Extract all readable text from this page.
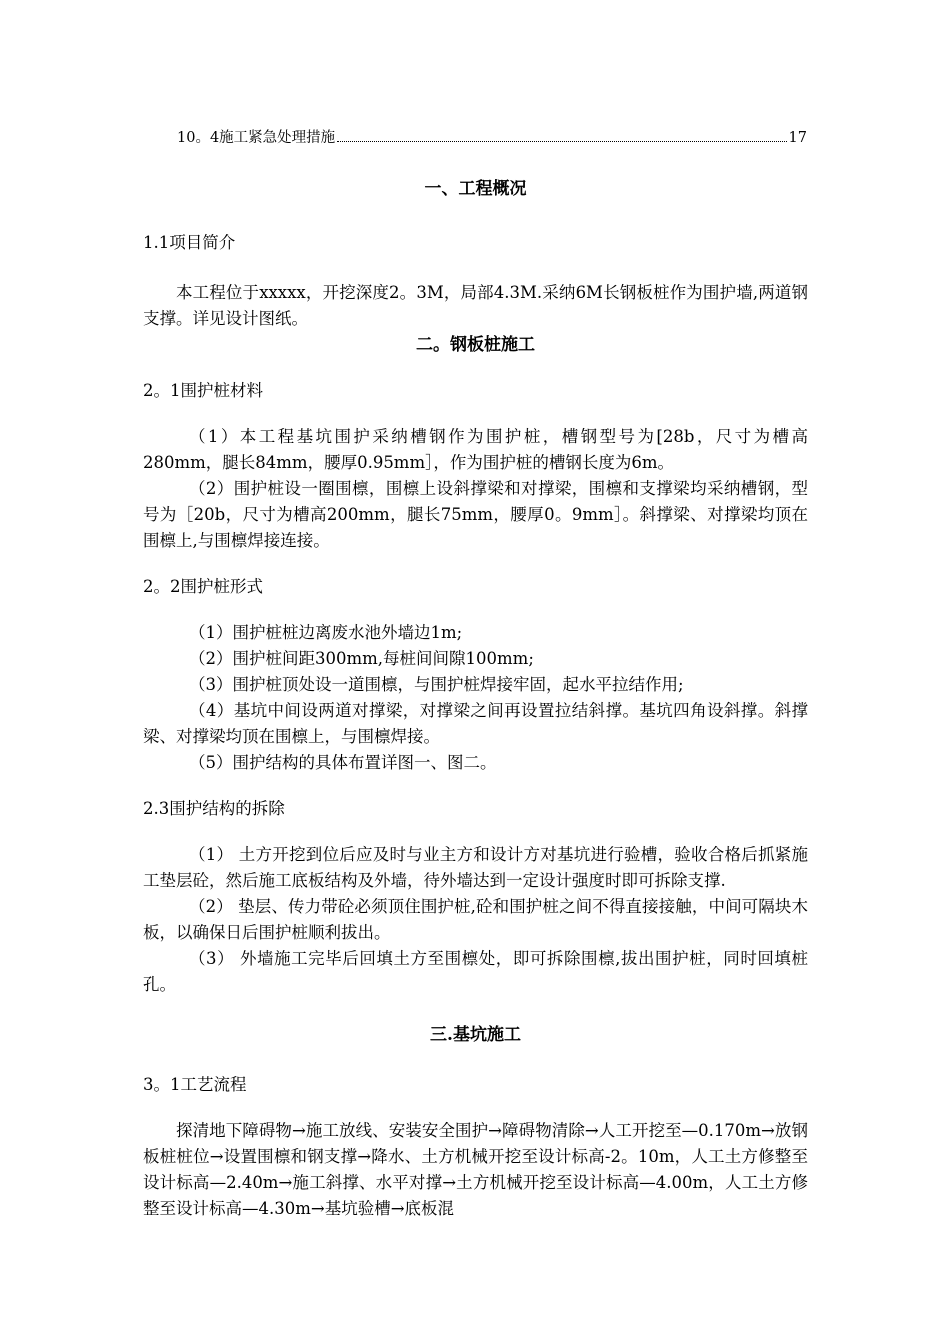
10。4施工紧急处理措施	17
一、工程概况
1.1项目简介

本工程位于xxxxx，开挖深度2。3M，局部4.3M.采纳6M长钢板桩作为围护墙,两道钢支撑。详见设计图纸。

二。钢板桩施工
2。1围护桩材料

（1）本工程基坑围护采纳槽钢作为围护桩，槽钢型号为[28b，尺寸为槽高280mm，腿长84mm，腰厚0.95mm］，作为围护桩的槽钢长度为6m。

（2）围护桩设一圈围檩，围檩上设斜撑梁和对撑梁，围檩和支撑梁均采纳槽钢，型号为［20b，尺寸为槽高200mm，腿长75mm，腰厚0。9mm］。斜撑梁、对撑梁均顶在围檩上,与围檩焊接连接。

2。2围护桩形式

（1）围护桩桩边离废水池外墙边1m;

（2）围护桩间距300mm,每桩间间隙100mm;

（3）围护桩顶处设一道围檩，与围护桩焊接牢固，起水平拉结作用;

（4）基坑中间设两道对撑梁，对撑梁之间再设置拉结斜撑。基坑四角设斜撑。斜撑梁、对撑梁均顶在围檩上，与围檩焊接。

（5）围护结构的具体布置详图一、图二。

2.3围护结构的拆除

（1） 土方开挖到位后应及时与业主方和设计方对基坑进行验槽，验收合格后抓紧施工垫层砼，然后施工底板结构及外墙，待外墙达到一定设计强度时即可拆除支撑.

（2） 垫层、传力带砼必须顶住围护桩,砼和围护桩之间不得直接接触，中间可隔块木板，以确保日后围护桩顺利拔出。

（3） 外墙施工完毕后回填土方至围檩处，即可拆除围檩,拔出围护桩，同时回填桩孔。

三.基坑施工
3。1工艺流程

探清地下障碍物→施工放线、安装安全围护→障碍物清除→人工开挖至—0.170m→放钢板桩桩位→设置围檩和钢支撑→降水、土方机械开挖至设计标高-2。10m，人工土方修整至设计标高—2.40m→施工斜撑、水平对撑→土方机械开挖至设计标高—4.00m，人工土方修整至设计标高—4.30m→基坑验槽→底板混
